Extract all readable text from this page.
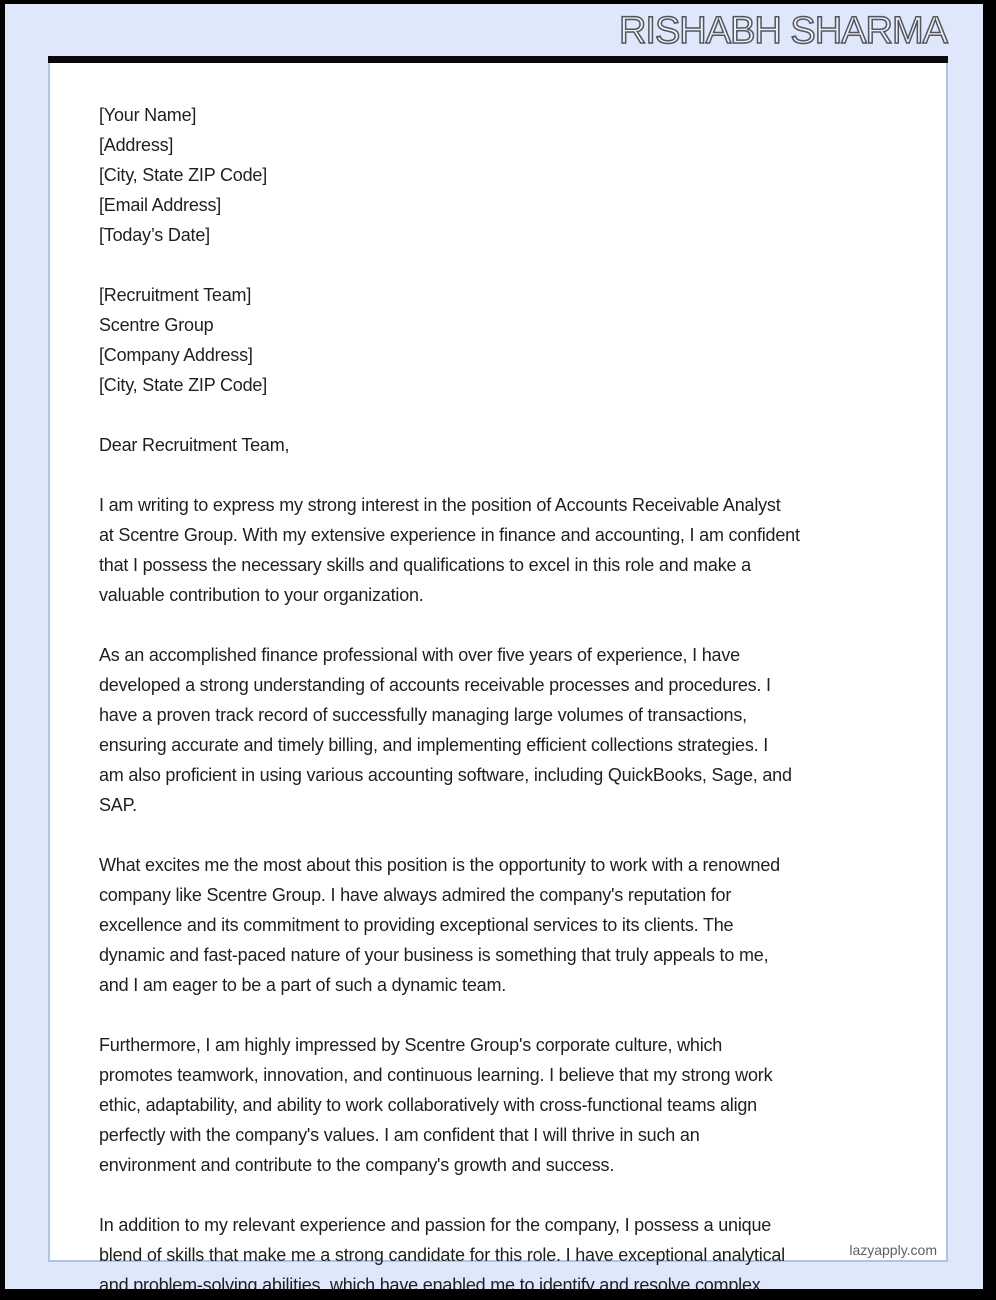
RISHABH SHARMA
lazyapply.com
[Your Name]
[Address]
[City, State ZIP Code]
[Email Address]
[Today’s Date]
[Recruitment Team]
Scentre Group
[Company Address]
[City, State ZIP Code]
Dear Recruitment Team,

I am writing to express my strong interest in the position of Accounts Receivable Analyst
at Scentre Group. With my extensive experience in finance and accounting, I am confident
that I possess the necessary skills and qualifications to excel in this role and make a
valuable contribution to your organization.

As an accomplished finance professional with over five years of experience, I have
developed a strong understanding of accounts receivable processes and procedures. I
have a proven track record of successfully managing large volumes of transactions,
ensuring accurate and timely billing, and implementing efficient collections strategies. I
am also proficient in using various accounting software, including QuickBooks, Sage, and
SAP.

What excites me the most about this position is the opportunity to work with a renowned
company like Scentre Group. I have always admired the company's reputation for
excellence and its commitment to providing exceptional services to its clients. The
dynamic and fast-paced nature of your business is something that truly appeals to me,
and I am eager to be a part of such a dynamic team.

Furthermore, I am highly impressed by Scentre Group's corporate culture, which
promotes teamwork, innovation, and continuous learning. I believe that my strong work
ethic, adaptability, and ability to work collaboratively with cross-functional teams align
perfectly with the company's values. I am confident that I will thrive in such an
environment and contribute to the company's growth and success.

In addition to my relevant experience and passion for the company, I possess a unique
blend of skills that make me a strong candidate for this role. I have exceptional analytical
and problem-solving abilities, which have enabled me to identify and resolve complex
